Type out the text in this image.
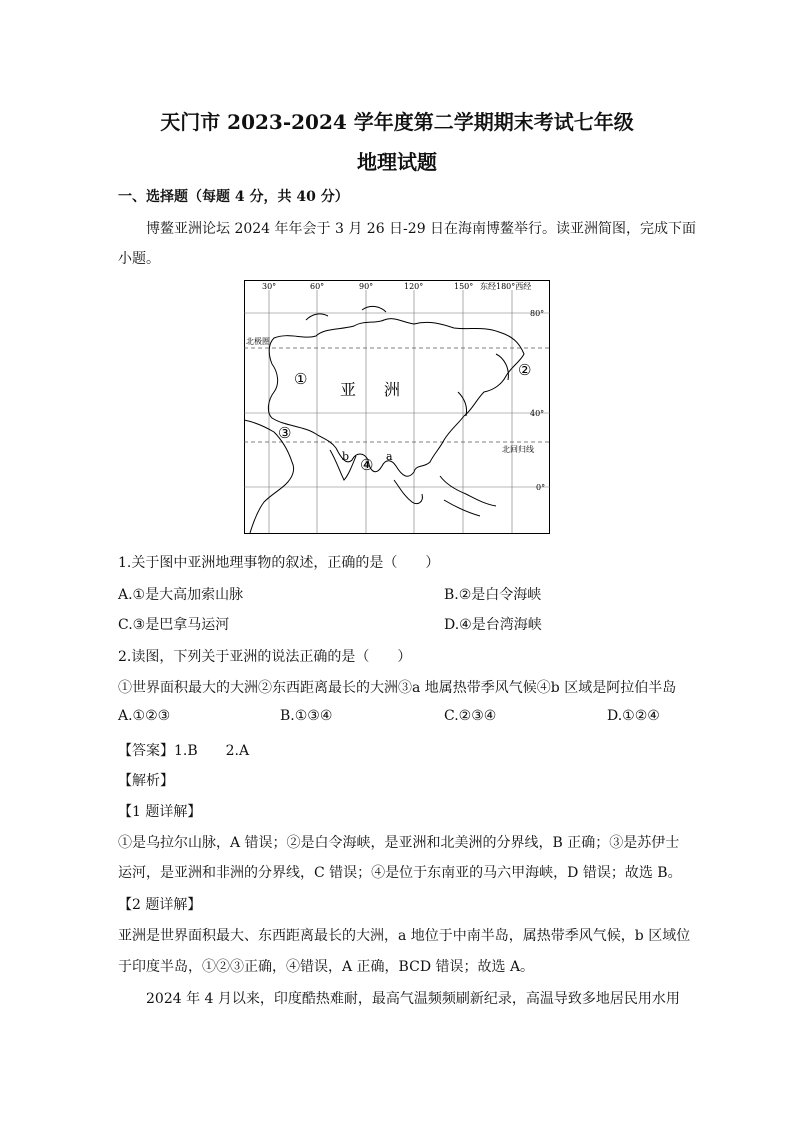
天门市 2023-2024 学年度第二学期期末考试七年级
地理试题
一、选择题（每题 4 分，共 40 分）
博鳌亚洲论坛 2024 年年会于 3 月 26 日-29 日在海南博鳌举行。读亚洲简图，完成下面
小题。
30°	60°	90°	120°	150° 东经180°西经
80°
40°
0°
北极圈
北回归线
亚 洲
①	②
③
④ a
b
1.关于图中亚洲地理事物的叙述，正确的是（　　）
A.①是大高加索山脉	B.②是白令海峡
C.③是巴拿马运河	D.④是台湾海峡
2.读图，下列关于亚洲的说法正确的是（　　）
①世界面积最大的大洲②东西距离最长的大洲③a 地属热带季风气候④b 区域是阿拉伯半岛
A.①②③	B.①③④	C.②③④	D.①②④
【答案】1.B　　2.A
【解析】
【1 题详解】
①是乌拉尔山脉，A 错误；②是白令海峡，是亚洲和北美洲的分界线，B 正确；③是苏伊士
运河，是亚洲和非洲的分界线，C 错误；④是位于东南亚的马六甲海峡，D 错误；故选 B。
【2 题详解】
亚洲是世界面积最大、东西距离最长的大洲，a 地位于中南半岛，属热带季风气候，b 区域位
于印度半岛，①②③正确，④错误，A 正确，BCD 错误；故选 A。
2024 年 4 月以来，印度酷热难耐，最高气温频频刷新纪录，高温导致多地居民用水用
